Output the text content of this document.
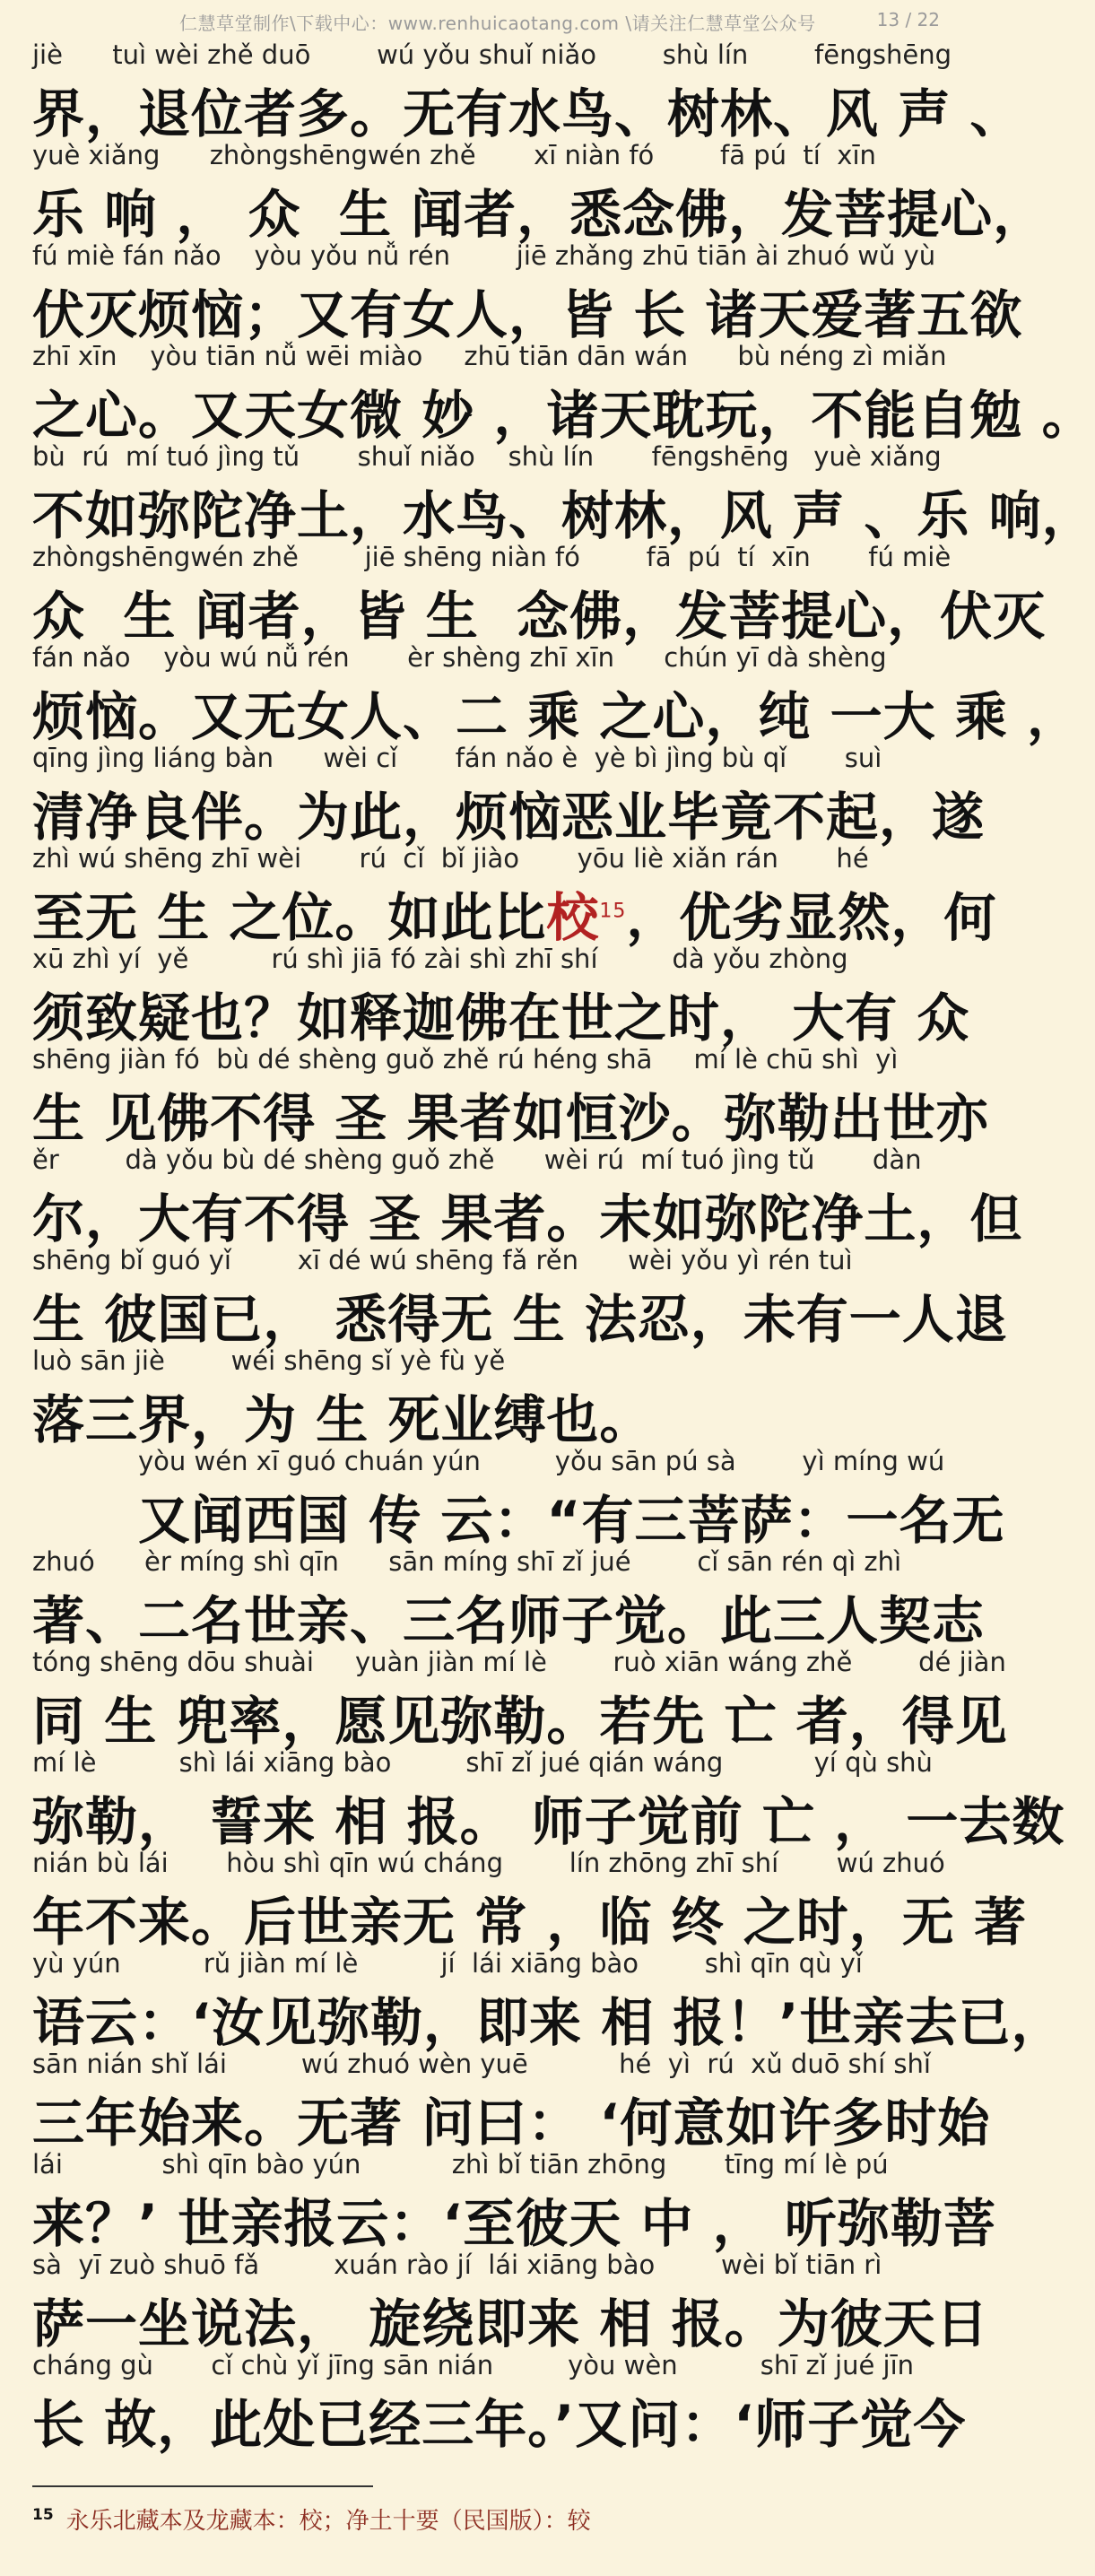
仁慧草堂制作\下载中心：www.renhuicaotang.com \请关注仁慧草堂公众号	13 / 22
jiè      tuì wèi zhě duō        wú yǒu shuǐ niǎo        shù lín        fēngshēng
界，退位者多。无有水鸟、树林、风 声 、
yuè xiǎng      zhòngshēngwén zhě       xī niàn fó        fā pú  tí  xīn
乐 响 ， 众  生 闻者，悉念佛，发菩提心，
fú miè fán nǎo    yòu yǒu nǚ rén        jiē zhǎng zhū tiān ài zhuó wǔ yù
伏灭烦恼；又有女人，皆 长 诸天爱著五欲
zhī xīn    yòu tiān nǚ wēi miào     zhū tiān dān wán      bù néng zì miǎn
之心。又天女微 妙 ，诸天耽玩，不能自勉 。
bù  rú  mí tuó jìng tǔ       shuǐ niǎo    shù lín       fēngshēng   yuè xiǎng
不如弥陀净土，水鸟、树林，风 声 、乐 响，
zhòngshēngwén zhě        jiē shēng niàn fó        fā  pú  tí  xīn       fú miè
众  生 闻者，皆 生  念佛，发菩提心，伏灭
fán nǎo    yòu wú nǚ rén       èr shèng zhī xīn      chún yī dà shèng
烦恼。又无女人、二 乘 之心，纯 一大 乘 ，
qīng jìng liáng bàn      wèi cǐ       fán nǎo è  yè bì jìng bù qǐ       suì
清净良伴。为此，烦恼恶业毕竟不起，遂
zhì wú shēng zhī wèi       rú  cǐ  bǐ jiào       yōu liè xiǎn rán       hé
至无 生 之位。如此比校$^{15}$，优劣显然，何
xū zhì yí  yě          rú shì jiā fó zài shì zhī shí         dà yǒu zhòng
须致疑也？如释迦佛在世之时， 大有 众
shēng jiàn fó  bù dé shèng guǒ zhě rú héng shā     mí lè chū shì  yì
生 见佛不得 圣 果者如恒沙。弥勒出世亦
ěr        dà yǒu bù dé shèng guǒ zhě      wèi rú  mí tuó jìng tǔ       dàn
尔，大有不得 圣 果者。未如弥陀净土，但
shēng bǐ guó yǐ        xī dé wú shēng fǎ rěn      wèi yǒu yì rén tuì
生 彼国已， 悉得无 生 法忍，未有一人退
luò sān jiè        wéi shēng sǐ yè fù yě
落三界，为 生 死业缚也。
yòu wén xī guó chuán yún         yǒu sān pú sà        yì míng wú
又闻西国 传 云：“有三菩萨：一名无
zhuó      èr míng shì qīn      sān míng shī zǐ jué        cǐ sān rén qì zhì
著、二名世亲、三名师子觉。此三人契志
tóng shēng dōu shuài     yuàn jiàn mí lè        ruò xiān wáng zhě        dé jiàn
同 生 兜率，愿见弥勒。若先 亡 者，得见
mí lè          shì lái xiāng bào         shī zǐ jué qián wáng           yí qù shù
弥勒， 誓来 相 报。 师子觉前 亡 ， 一去数
nián bù lái       hòu shì qīn wú cháng        lín zhōng zhī shí       wú zhuó
年不来。后世亲无 常 ，临 终 之时，无 著
yù yún          rǔ jiàn mí lè          jí  lái xiāng bào        shì qīn qù yǐ
语云：‘汝见弥勒，即来 相 报！’世亲去已，
sān nián shǐ lái         wú zhuó wèn yuē           hé  yì  rú  xǔ duō shí shǐ
三年始来。无著 问曰： ‘何意如许多时始
lái            shì qīn bào yún           zhì bǐ tiān zhōng       tīng mí lè pú
来？’ 世亲报云：‘至彼天 中 ， 听弥勒菩
sà  yī zuò shuō fǎ         xuán rào jí  lái xiāng bào        wèi bǐ tiān rì
萨一坐说法， 旋绕即来 相 报。为彼天日
cháng gù       cǐ chù yǐ jīng sān nián         yòu wèn          shī zǐ jué jīn
长 故，此处已经三年。’又问：‘师子觉今
$^{15}$ 永乐北藏本及龙藏本：校；净土十要（民国版）：较
